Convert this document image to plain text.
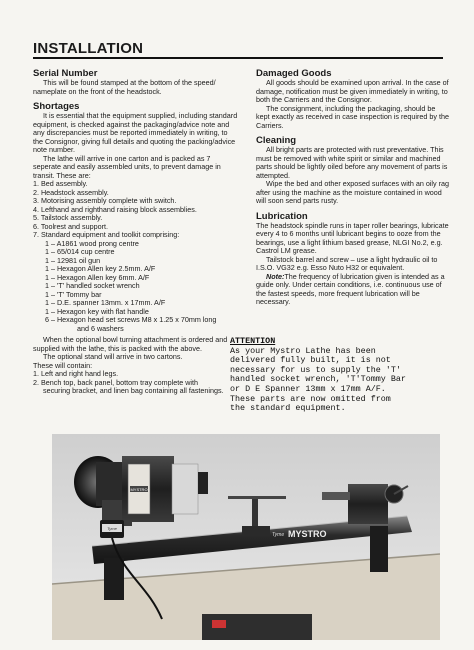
INSTALLATION
Serial Number

This will be found stamped at the bottom of the speed/ nameplate on the front of the headstock.

Shortages

It is essential that the equipment supplied, including standard equipment, is checked against the packaging/advice note and any discrepancies must be reported immediately in writing, to the Consignor, giving full details and quoting the packing/advice note number.

The lathe will arrive in one carton and is packed as 7 seperate and easily assembled units, to prevent damage in transit. These are:

1. Bed assembly.
2. Headstock assembly.
3. Motorising assembly complete with switch.
4. Lefthand and righthand raising block assemblies.
5. Tailstock assembly.
6. Toolrest and support.
7. Standard equipment and toolkit comprising:
1 – A1861 wood prong centre
1 – 65/014 cup centre
1 – 12981 oil gun
1 – Hexagon Allen key 2.5mm. A/F
1 – Hexagon Allen key 6mm. A/F
1 – 'T' handled socket wrench
1 – 'T' Tommy bar
1 – D.E. spanner 13mm. x 17mm. A/F
1 – Hexagon key with flat handle
6 – Hexagon head set screws M8 x 1.25 x 70mm long
and 6 washers

When the optional bowl turning attachment is ordered and supplied with the lathe, this is packed with the above.

The optional stand will arrive in two cartons.

These will contain:

1. Left and right hand legs.
2. Bench top, back panel, bottom tray complete with
securing bracket, and linen bag containing all fastenings.
Damaged Goods

All goods should be examined upon arrival. In the case of damage, notification must be given immediately in writing, to both the Carriers and the Consignor.

The consignment, including the packaging, should be kept exactly as received in case inspection is required by the Carriers.

Cleaning

All bright parts are protected with rust preventative. This must be removed with white spirit or similar and machined parts should be lightly oiled before any movement of parts is attempted.

Wipe the bed and other exposed surfaces with an oily rag after using the machine as the moisture contained in wood will soon send parts rusty.

Lubrication

The headstock spindle runs in taper roller bearings, lubricate every 4 to 6 months until lubricant begins to ooze from the bearings, use a light lithium based grease, NLGI No.2, e.g. Castrol LM grease.

Tailstock barrel and screw – use a light hydraulic oil to I.S.O. VG32 e.g. Esso Nuto H32 or equivalent.

Note:The frequency of lubrication given is intended as a guide only. Under certain conditions, i.e. continuous use of the fastest speeds, more frequent lubrication will be necessary.

ATTENTION
As your Mystro Lathe has been
delivered fully built, it is not
necessary for us to supply the 'T'
handled socket wrench, 'T'Tommy Bar
or D E Spanner 13mm x 17mm A/F.
These parts are now omitted from
the standard equipment.
MYSTRO
Tyme
Tyme MYSTRO
